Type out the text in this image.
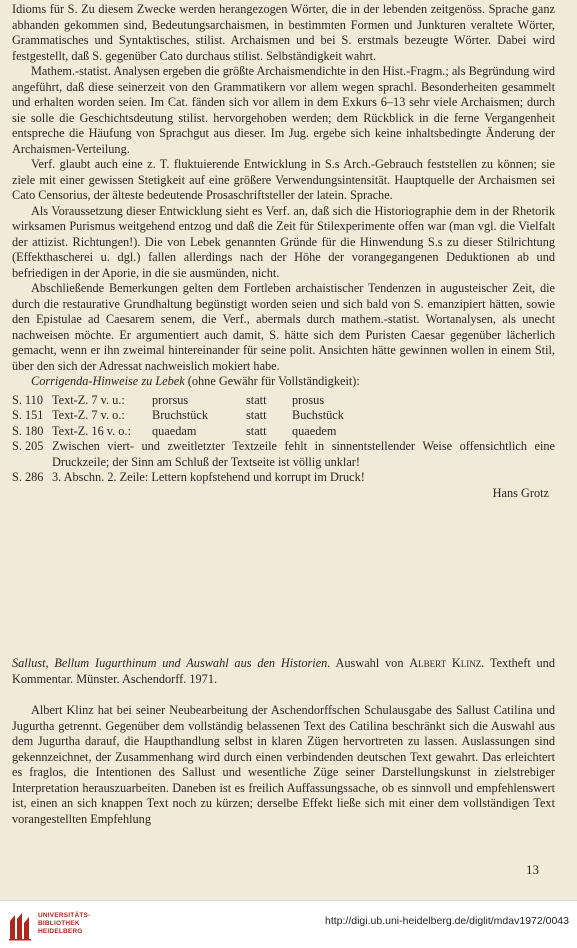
Idioms für S. Zu diesem Zwecke werden herangezogen Wörter, die in der lebenden zeitgenöss. Sprache ganz abhanden gekommen sind, Bedeutungsarchaismen, in bestimmten Formen und Junkturen veraltete Wörter, Grammatisches und Syntaktisches, stilist. Archaismen und bei S. erstmals bezeugte Wörter. Dabei wird festgestellt, daß S. gegenüber Cato durchaus stilist. Selbständigkeit wahrt.

Mathem.-statist. Analysen ergeben die größte Archaismendichte in den Hist.-Fragm.; als Begründung wird angeführt, daß diese seinerzeit von den Grammatikern vor allem wegen sprachl. Besonderheiten gesammelt und erhalten worden seien. Im Cat. fänden sich vor allem in dem Exkurs 6–13 sehr viele Archaismen; durch sie solle die Geschichtsdeutung stilist. hervorgehoben werden; dem Rückblick in die ferne Vergangenheit entspreche die Häufung von Sprachgut aus dieser. Im Jug. ergebe sich keine inhaltsbedingte Änderung der Archaismen-Verteilung.

Verf. glaubt auch eine z. T. fluktuierende Entwicklung in S.s Arch.-Gebrauch feststellen zu können; sie ziele mit einer gewissen Stetigkeit auf eine größere Verwendungsintensität. Hauptquelle der Archaismen sei Cato Censorius, der älteste bedeutende Prosaschriftsteller der latein. Sprache.

Als Voraussetzung dieser Entwicklung sieht es Verf. an, daß sich die Historiographie dem in der Rhetorik wirksamen Purismus weitgehend entzog und daß die Zeit für Stilexperimente offen war (man vgl. die Vielfalt der attizist. Richtungen!). Die von Lebek genannten Gründe für die Hinwendung S.s zu dieser Stilrichtung (Effekthascherei u. dgl.) fallen allerdings nach der Höhe der vorangegangenen Deduktionen ab und befriedigen in der Aporie, in die sie ausmünden, nicht.

Abschließende Bemerkungen gelten dem Fortleben archaistischer Tendenzen in augusteischer Zeit, die durch die restaurative Grundhaltung begünstigt worden seien und sich bald von S. emanzipiert hätten, sowie den Epistulae ad Caesarem senem, die Verf., abermals durch mathem.-statist. Wortanalysen, als unecht nachweisen möchte. Er argumentiert auch damit, S. hätte sich dem Puristen Caesar gegenüber lächerlich gemacht, wenn er ihn zweimal hintereinander für seine polit. Ansichten hätte gewinnen wollen in einem Stil, über den sich der Adressat nachweislich mokiert habe.

Corrigenda-Hinweise zu Lebek (ohne Gewähr für Vollständigkeit):

S. 110	Text-Z. 7 v. u.:	prorsus	statt	prosus
S. 151	Text-Z. 7 v. o.:	Bruchstück	statt	Buchstück
S. 180	Text-Z. 16 v. o.:	quaedam	statt	quaedem
S. 205	Zwischen viert- und zweitletzter Textzeile fehlt in sinnentstellender Weise offensichtlich eine Druckzeile; der Sinn am Schluß der Textseite ist völlig unklar!			
S. 286	3. Abschn. 2. Zeile: Lettern kopfstehend und korrupt im Druck!			

Hans Grotz

Sallust, Bellum Iugurthinum und Auswahl aus den Historien. Auswahl von Albert Klinz. Textheft und Kommentar. Münster. Aschendorff. 1971.

Albert Klinz hat bei seiner Neubearbeitung der Aschendorffschen Schulausgabe des Sallust Catilina und Jugurtha getrennt. Gegenüber dem vollständig belassenen Text des Catilina beschränkt sich die Auswahl aus dem Jugurtha darauf, die Haupthandlung selbst in klaren Zügen hervortreten zu lassen. Auslassungen sind gekennzeichnet, der Zusammenhang wird durch einen verbindenden deutschen Text gewahrt. Das erleichtert es fraglos, die Intentionen des Sallust und wesentliche Züge seiner Darstellungskunst in zielstrebiger Interpretation herauszuarbeiten. Daneben ist es freilich Auffassungssache, ob es sinnvoll und empfehlenswert ist, einen an sich knappen Text noch zu kürzen; derselbe Effekt ließe sich mit einer dem vollständigen Text vorangestellten Empfehlung

13
UNIVERSITÄTS-
BIBLIOTHEK
HEIDELBERG
http://digi.ub.uni-heidelberg.de/diglit/mdav1972/0043
